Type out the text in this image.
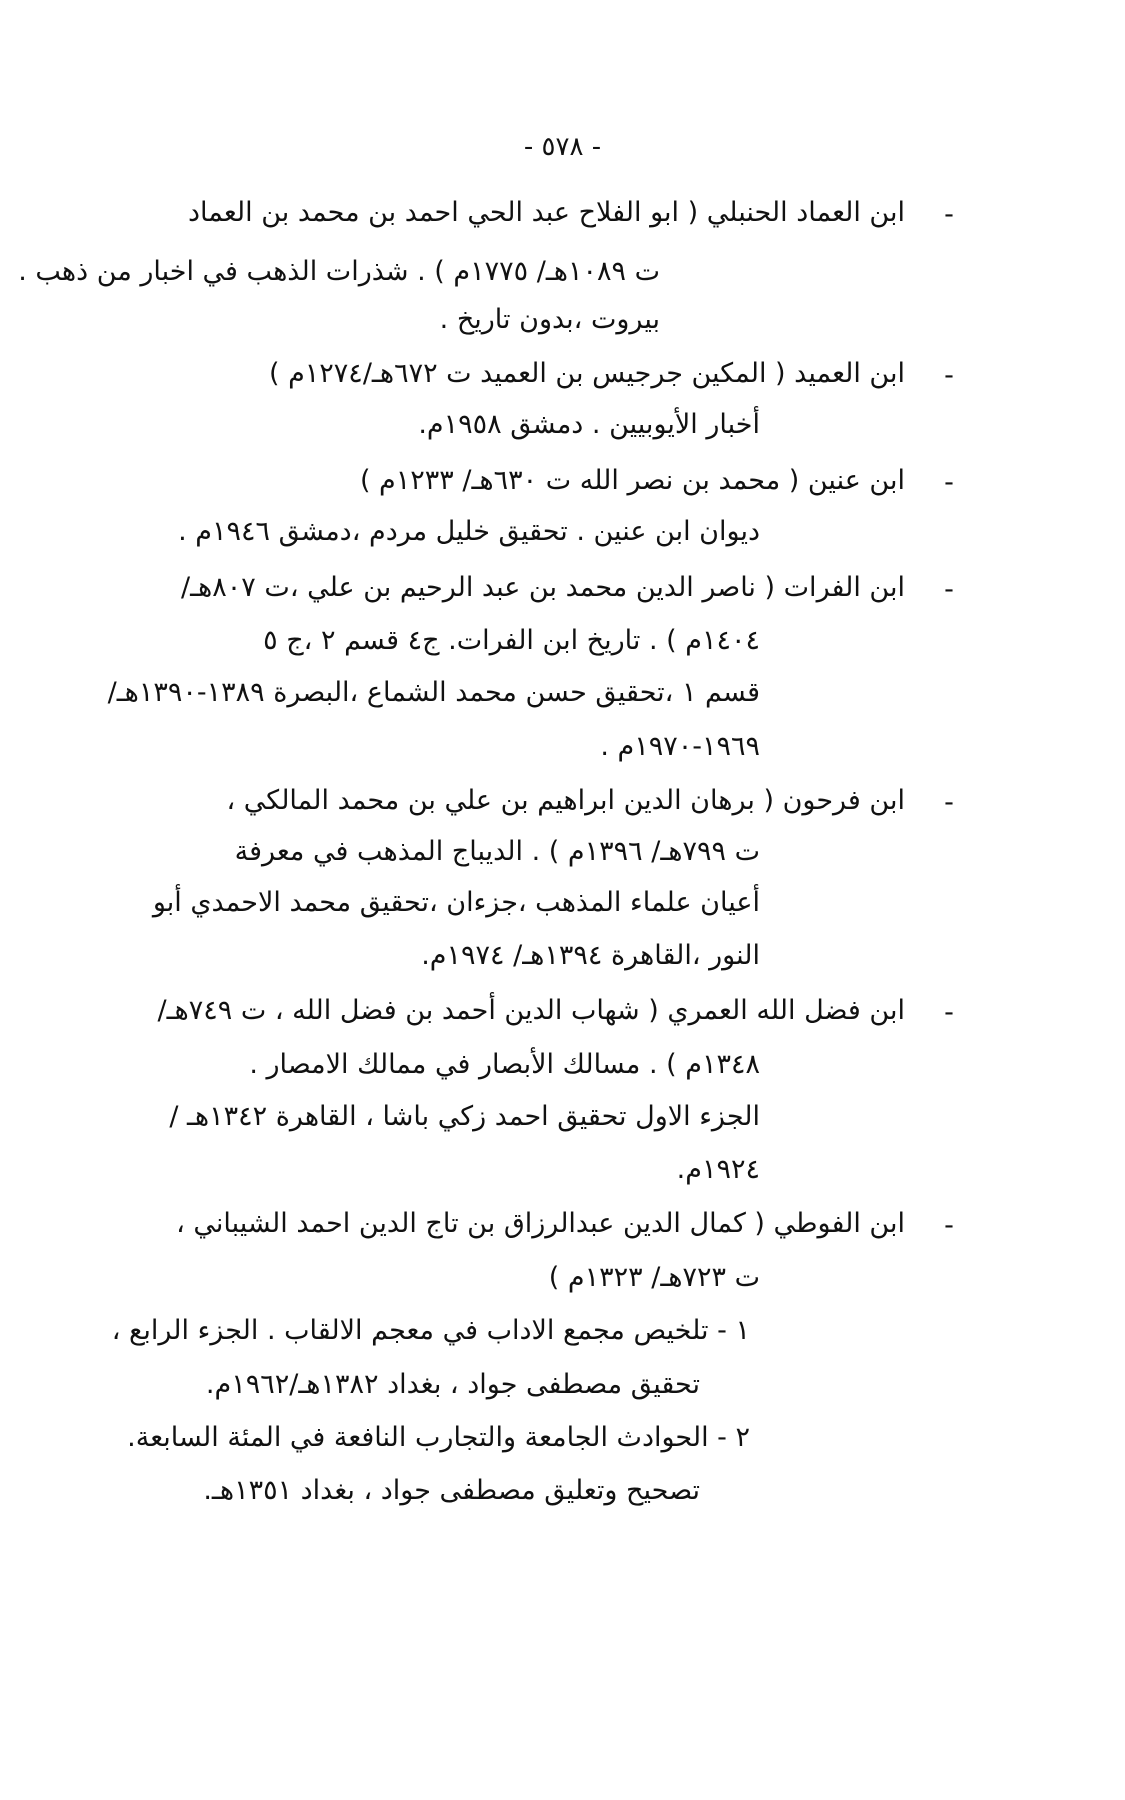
- ٥٧٨ -
-
ابن العماد الحنبلي ( ابو الفلاح عبد الحي احمد بن محمد بن العماد
ت ١٠٨٩هـ/ ١٧٧٥م ) . شذرات الذهب في اخبار من ذهب .
بيروت ،بدون تاريخ .
-
ابن العميد ( المكين جرجيس بن العميد ت ٦٧٢هـ/١٢٧٤م )
أخبار الأيوبيين . دمشق ١٩٥٨م.
-
ابن عنين ( محمد بن نصر الله ت ٦٣٠هـ/ ١٢٣٣م )
ديوان ابن عنين . تحقيق خليل مردم ،دمشق ١٩٤٦م .
-
ابن الفرات ( ناصر الدين محمد بن عبد الرحيم بن علي ،ت ٨٠٧هـ/
١٤٠٤م ) . تاريخ ابن الفرات. ج٤ قسم ٢ ،ج ٥
قسم ١ ،تحقيق حسن محمد الشماع ،البصرة ١٣٨٩-١٣٩٠هـ/
١٩٦٩-١٩٧٠م .
-
ابن فرحون ( برهان الدين ابراهيم بن علي بن محمد المالكي ،
ت ٧٩٩هـ/ ١٣٩٦م ) . الديباج المذهب في معرفة
أعيان علماء المذهب ،جزءان ،تحقيق محمد الاحمدي أبو
النور ،القاهرة ١٣٩٤هـ/ ١٩٧٤م.
-
ابن فضل الله العمري ( شهاب الدين أحمد بن فضل الله ، ت ٧٤٩هـ/
١٣٤٨م ) . مسالك الأبصار في ممالك الامصار .
الجزء الاول تحقيق احمد زكي باشا ، القاهرة ١٣٤٢هـ /
١٩٢٤م.
-
ابن الفوطي ( كمال الدين عبدالرزاق بن تاج الدين احمد الشيباني ،
ت ٧٢٣هـ/ ١٣٢٣م )
١ - تلخيص مجمع الاداب في معجم الالقاب . الجزء الرابع ،
تحقيق مصطفى جواد ، بغداد ١٣٨٢هـ/١٩٦٢م.
٢ - الحوادث الجامعة والتجارب النافعة في المئة السابعة.
تصحيح وتعليق مصطفى جواد ، بغداد ١٣٥١هـ.
